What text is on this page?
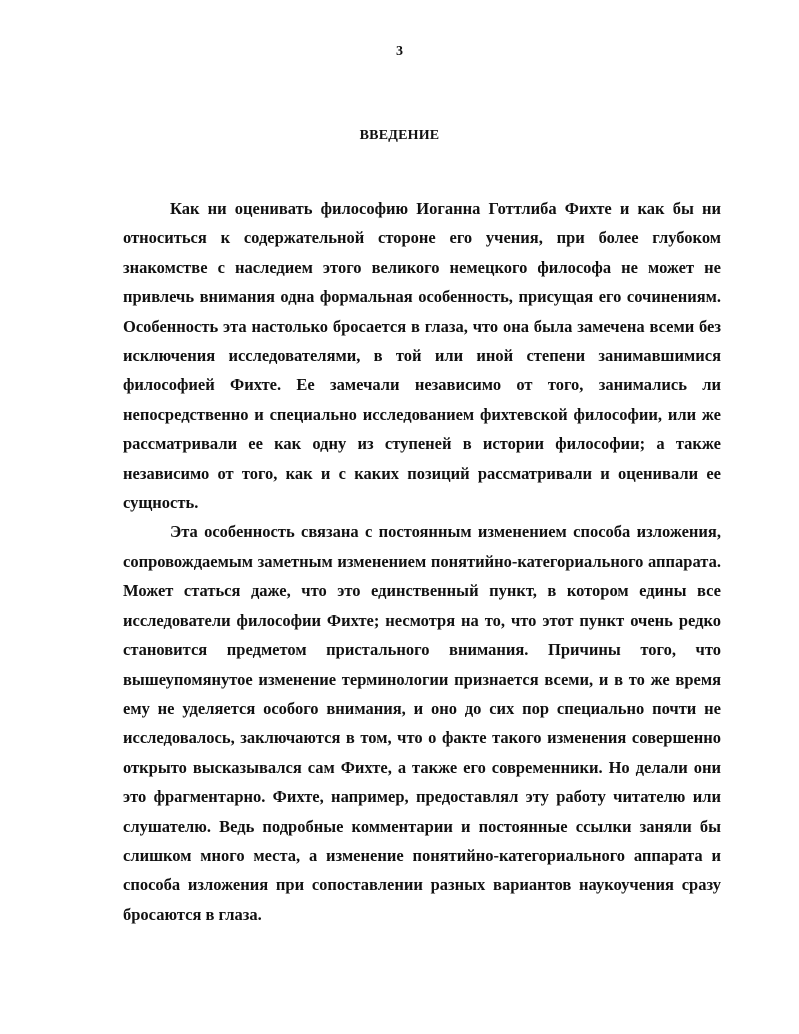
3
ВВЕДЕНИЕ

Как ни оценивать философию Иоганна Готтлиба Фихте и как бы ни относиться к содержательной стороне его учения, при более глубоком знакомстве с наследием этого великого немецкого философа не может не привлечь внимания одна формальная особенность, присущая его сочинениям. Особенность эта настолько бросается в глаза, что она была замечена всеми без исключения исследователями, в той или иной степени занимавшимися философией Фихте. Ее замечали независимо от того, занимались ли непосредственно и специально исследованием фихтевской философии, или же рассматривали ее как одну из ступеней в истории философии; а также независимо от того, как и с каких позиций рассматривали и оценивали ее сущность.

Эта особенность связана с постоянным изменением способа изложения, сопровождаемым заметным изменением понятийно-категориального аппарата. Может статься даже, что это единственный пункт, в котором едины все исследователи философии Фихте; несмотря на то, что этот пункт очень редко становится предметом пристального внимания. Причины того, что вышеупомянутое изменение терминологии признается всеми, и в то же время ему не уделяется особого внимания, и оно до сих пор специально почти не исследовалось, заключаются в том, что о факте такого изменения совершенно открыто высказывался сам Фихте, а также его современники. Но делали они это фрагментарно. Фихте, например, предоставлял эту работу читателю или слушателю. Ведь подробные комментарии и постоянные ссылки заняли бы слишком много места, а изменение понятийно-категориального аппарата и способа изложения при сопоставлении разных вариантов наукоучения сразу бросаются в глаза.
